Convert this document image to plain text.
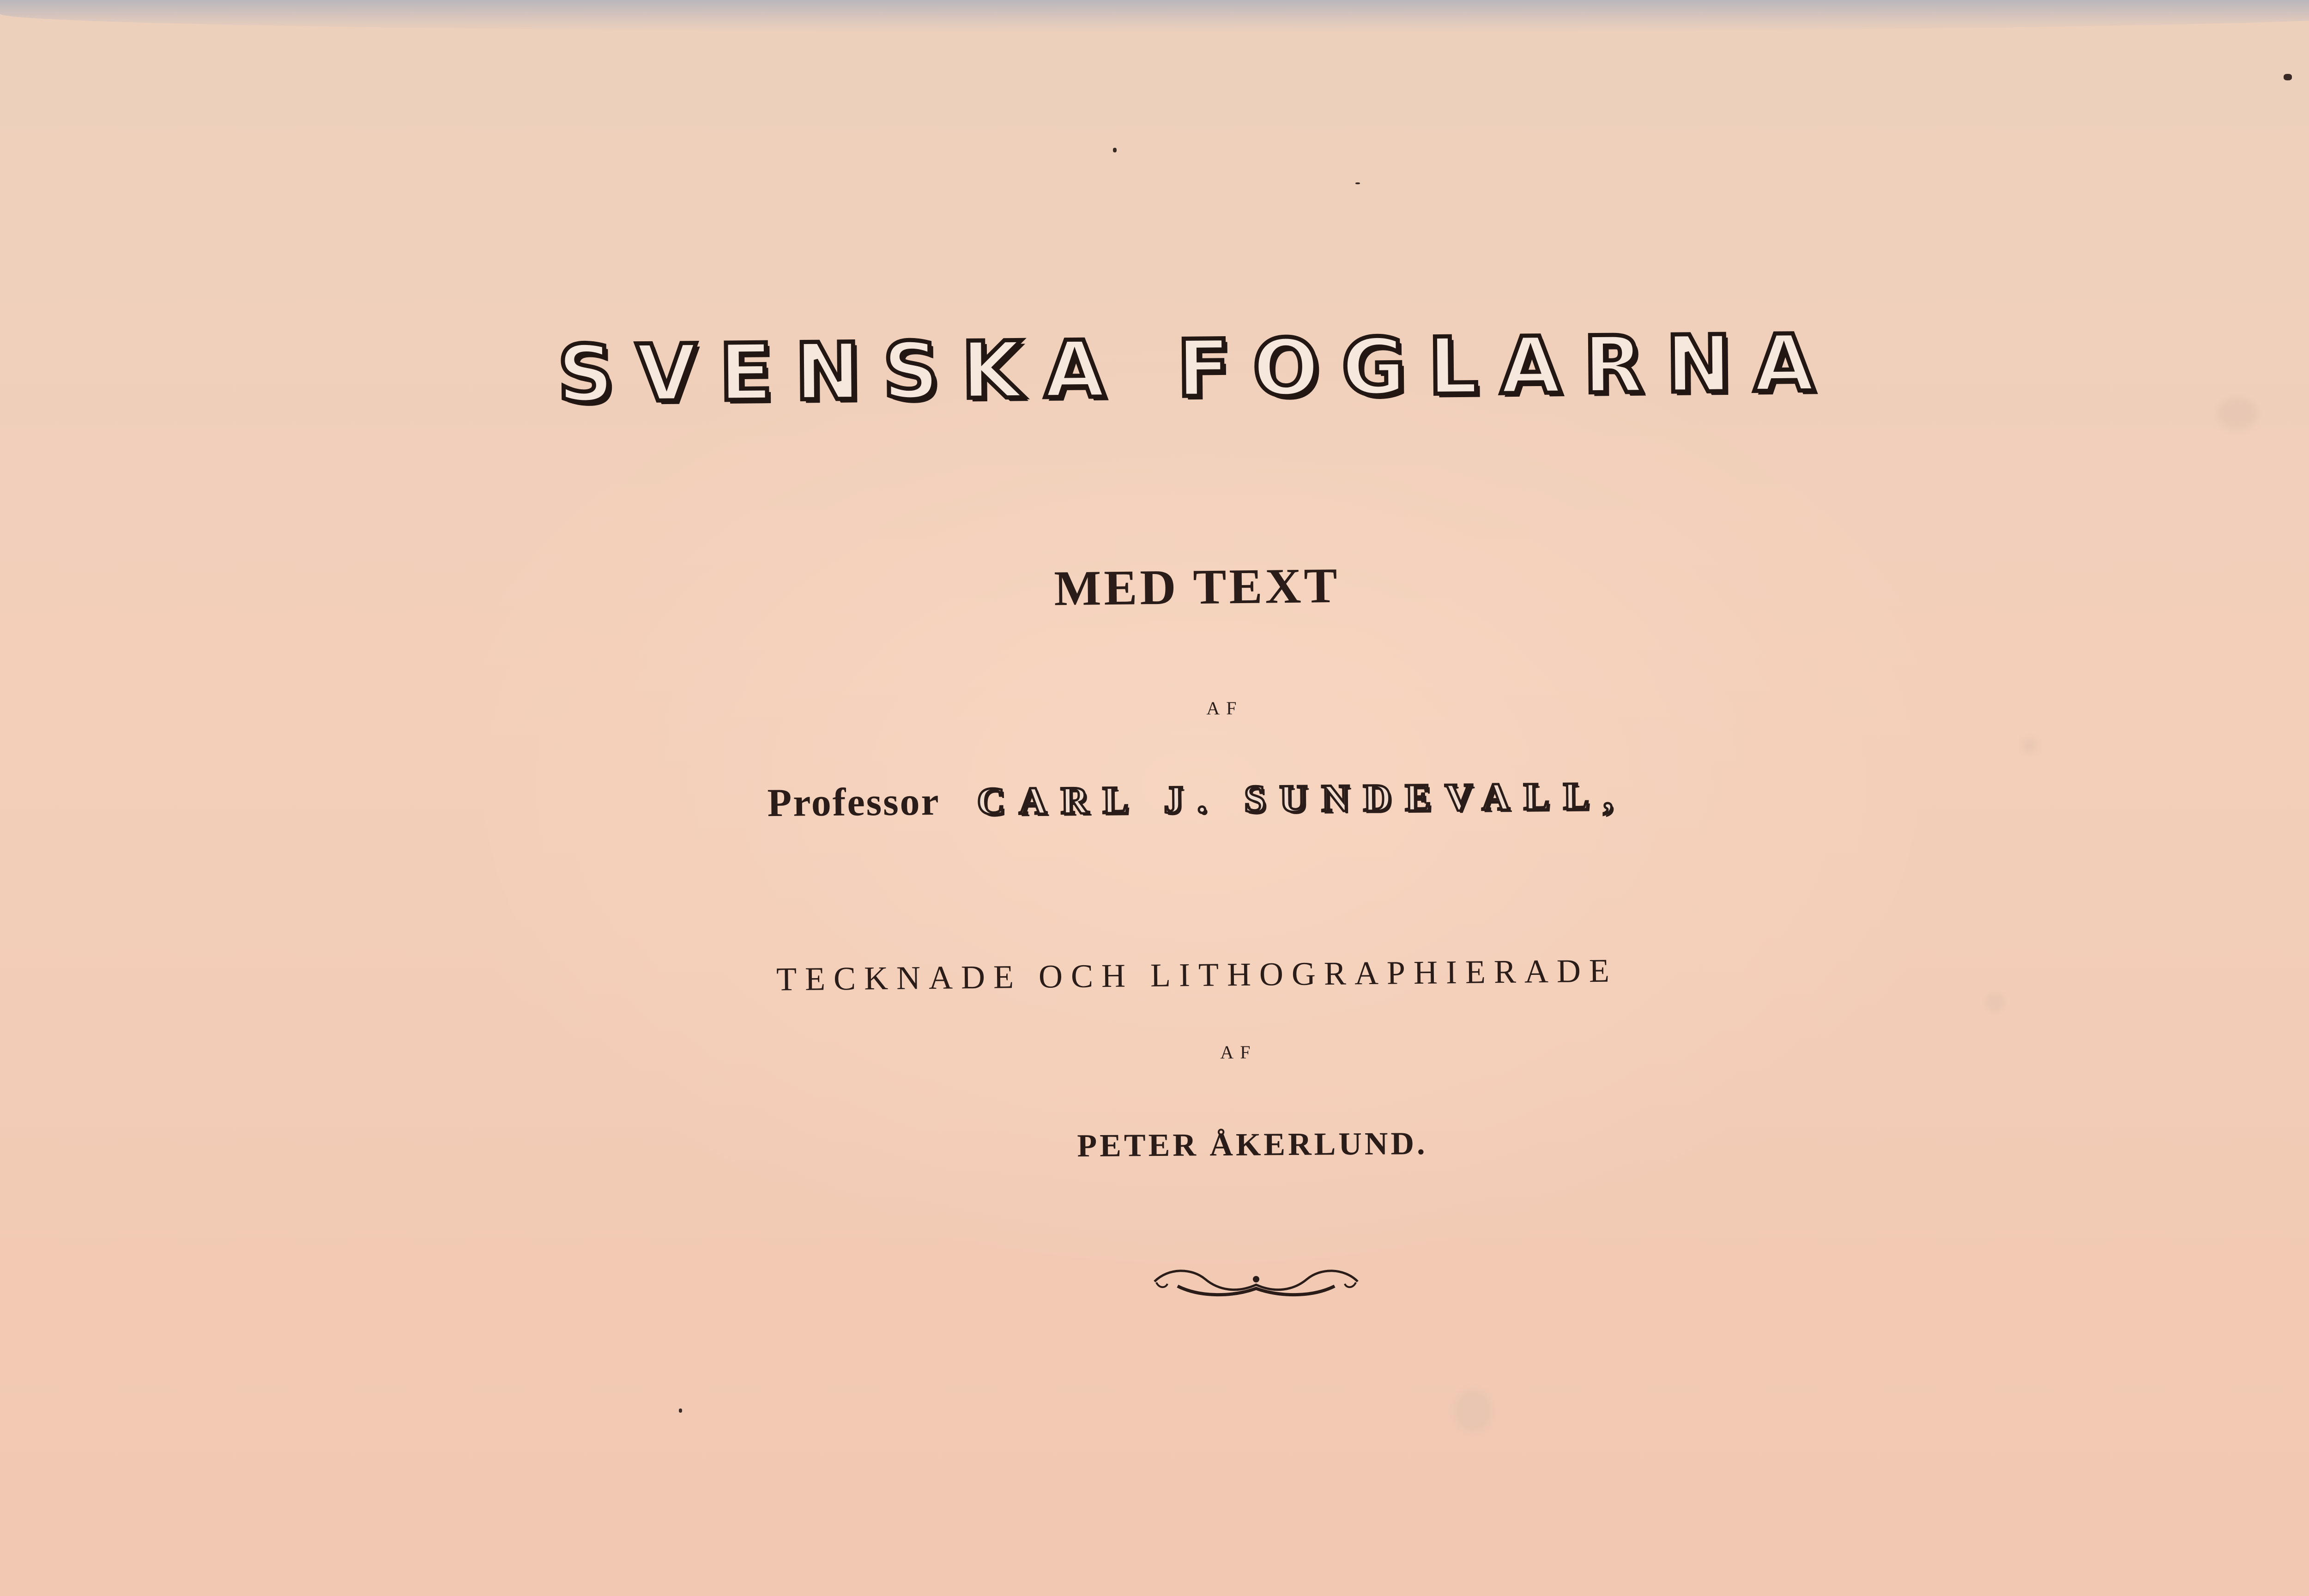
SVENSKA FOGLARNA
MED TEXT
AF
Professor CARL J. SUNDEVALL,
TECKNADE OCH LITHOGRAPHIERADE
AF
PETER ÅKERLUND.
